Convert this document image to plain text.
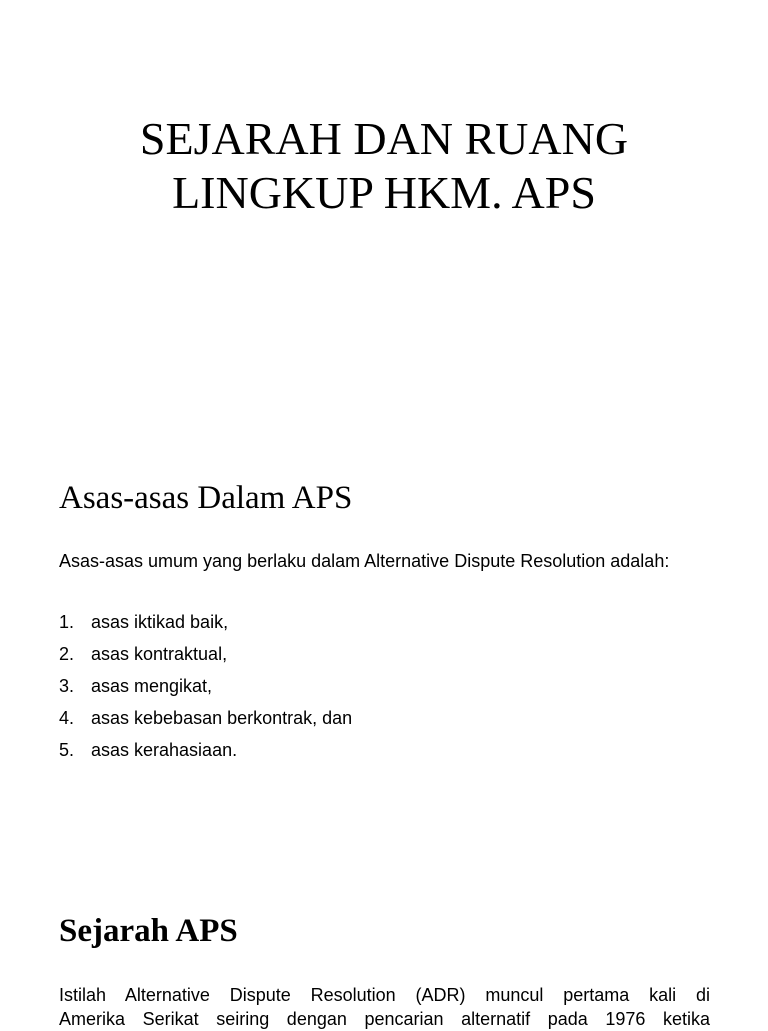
SEJARAH DAN RUANG
LINGKUP HKM. APS
Asas-asas Dalam APS

Asas-asas umum yang berlaku dalam Alternative Dispute Resolution adalah:

1. asas iktikad baik,
2. asas kontraktual,
3. asas mengikat,
4. asas kebebasan berkontrak, dan
5. asas kerahasiaan.
Sejarah APS
Istilah Alternative Dispute Resolution (ADR) muncul pertama kali di
Amerika Serikat seiring dengan pencarian alternatif pada 1976 ketika
